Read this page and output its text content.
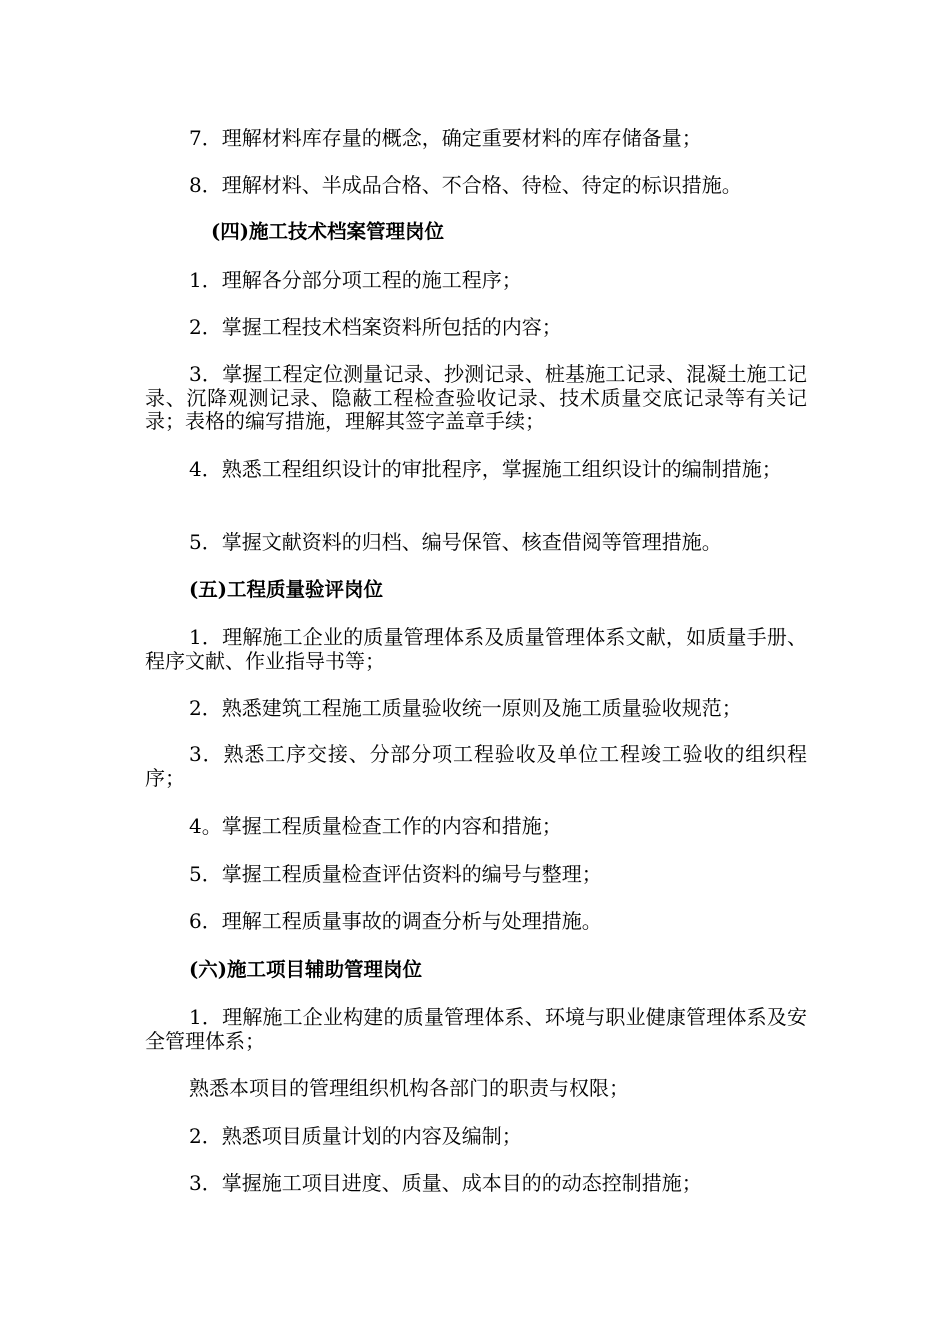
7．理解材料库存量的概念，确定重要材料的库存储备量；

8．理解材料、半成品合格、不合格、待检、待定的标识措施。

(四)施工技术档案管理岗位

1．理解各分部分项工程的施工程序；

2．掌握工程技术档案资料所包括的内容；

3．掌握工程定位测量记录、抄测记录、桩基施工记录、混凝土施工记录、沉降观测记录、隐蔽工程检查验收记录、技术质量交底记录等有关记录；表格的编写措施，理解其签字盖章手续；

4．熟悉工程组织设计的审批程序，掌握施工组织设计的编制措施；

5．掌握文献资料的归档、编号保管、核查借阅等管理措施。

(五)工程质量验评岗位

1．理解施工企业的质量管理体系及质量管理体系文献，如质量手册、程序文献、作业指导书等；

2．熟悉建筑工程施工质量验收统一原则及施工质量验收规范；

3．熟悉工序交接、分部分项工程验收及单位工程竣工验收的组织程序；

4。掌握工程质量检查工作的内容和措施；

5．掌握工程质量检查评估资料的编号与整理；

6．理解工程质量事故的调查分析与处理措施。

(六)施工项目辅助管理岗位

1．理解施工企业构建的质量管理体系、环境与职业健康管理体系及安全管理体系；

熟悉本项目的管理组织机构各部门的职责与权限；

2．熟悉项目质量计划的内容及编制；

3．掌握施工项目进度、质量、成本目的的动态控制措施；
